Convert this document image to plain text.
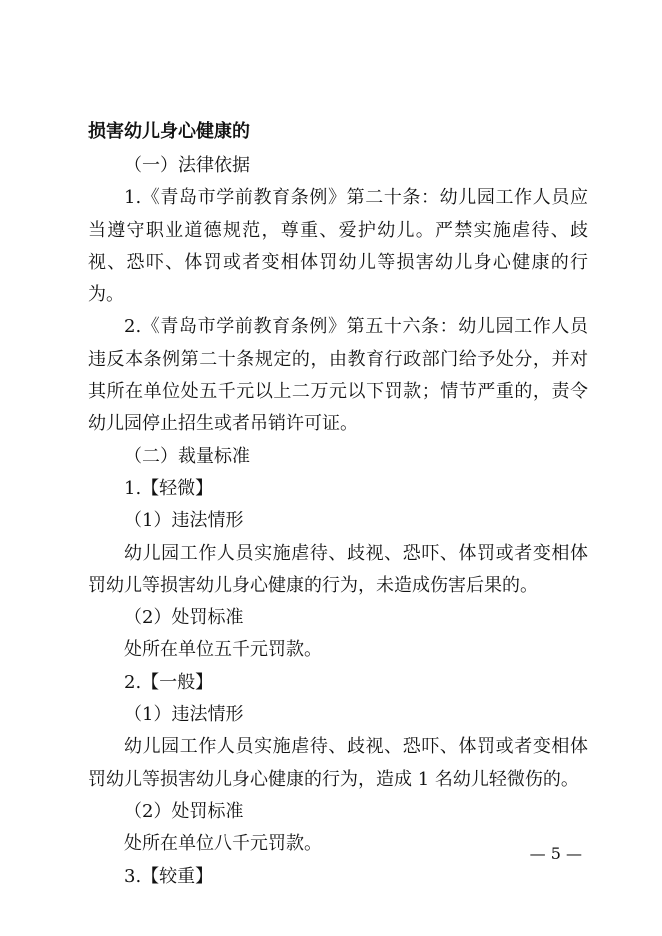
损害幼儿身心健康的

（一）法律依据

1.《青岛市学前教育条例》第二十条：幼儿园工作人员应当遵守职业道德规范，尊重、爱护幼儿。严禁实施虐待、歧视、恐吓、体罚或者变相体罚幼儿等损害幼儿身心健康的行为。

2.《青岛市学前教育条例》第五十六条：幼儿园工作人员违反本条例第二十条规定的，由教育行政部门给予处分，并对其所在单位处五千元以上二万元以下罚款；情节严重的，责令幼儿园停止招生或者吊销许可证。

（二）裁量标准

1.【轻微】

（1）违法情形

幼儿园工作人员实施虐待、歧视、恐吓、体罚或者变相体罚幼儿等损害幼儿身心健康的行为，未造成伤害后果的。

（2）处罚标准

处所在单位五千元罚款。

2.【一般】

（1）违法情形

幼儿园工作人员实施虐待、歧视、恐吓、体罚或者变相体罚幼儿等损害幼儿身心健康的行为，造成 1 名幼儿轻微伤的。

（2）处罚标准

处所在单位八千元罚款。

3.【较重】

— 5 —
